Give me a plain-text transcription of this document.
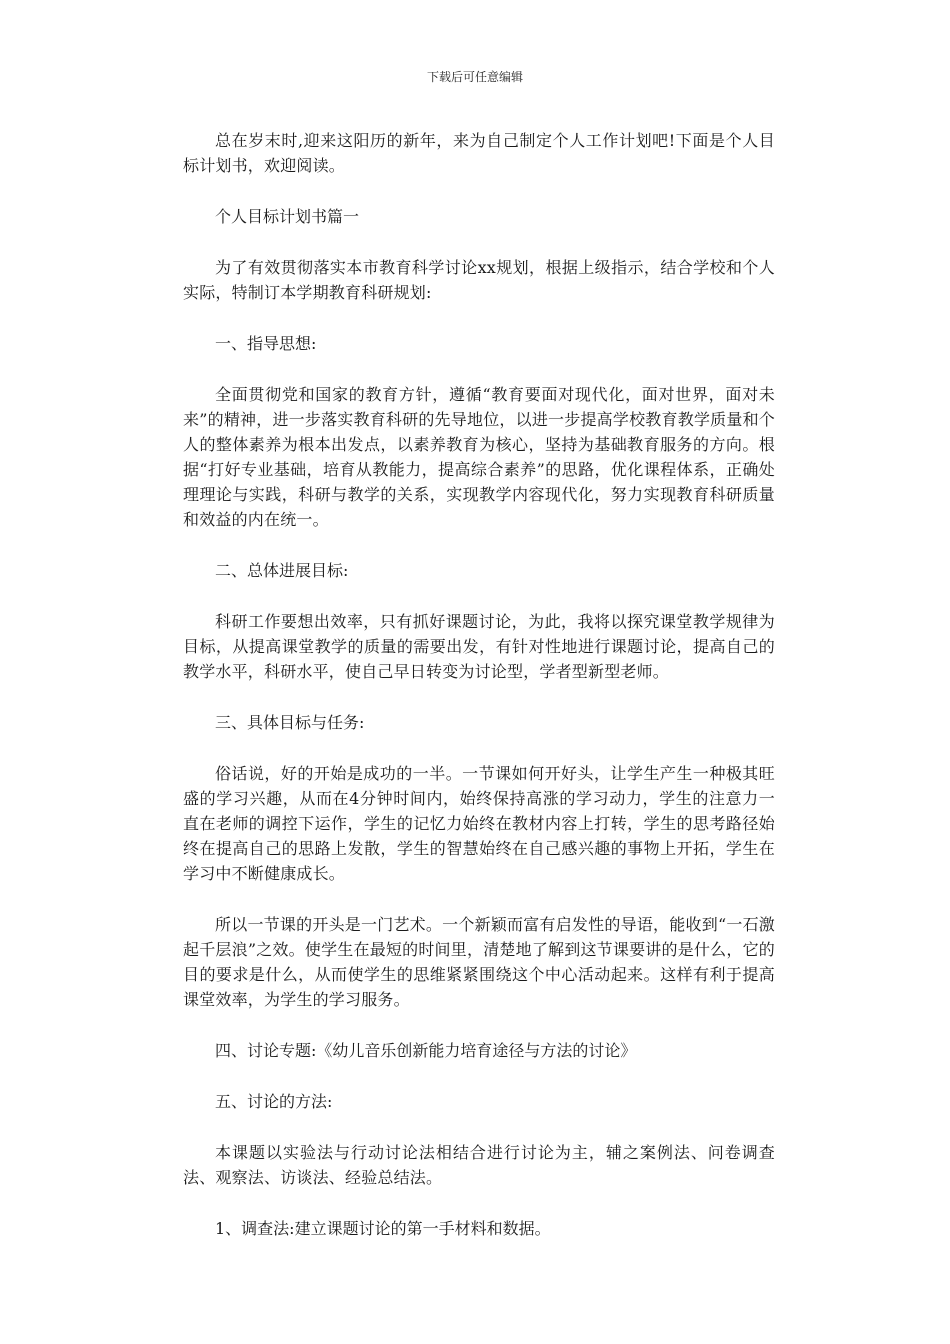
下载后可任意编辑

总在岁末时,迎来这阳历的新年，来为自己制定个人工作计划吧!下面是个人目标计划书，欢迎阅读。

个人目标计划书篇一

为了有效贯彻落实本市教育科学讨论xx规划，根据上级指示，结合学校和个人实际，特制订本学期教育科研规划:

一、指导思想:

全面贯彻党和国家的教育方针，遵循“教育要面对现代化，面对世界，面对未来”的精神，进一步落实教育科研的先导地位，以进一步提高学校教育教学质量和个人的整体素养为根本出发点，以素养教育为核心，坚持为基础教育服务的方向。根据“打好专业基础，培育从教能力，提高综合素养”的思路，优化课程体系，正确处理理论与实践，科研与教学的关系，实现教学内容现代化，努力实现教育科研质量和效益的内在统一。

二、总体进展目标:

科研工作要想出效率，只有抓好课题讨论，为此，我将以探究课堂教学规律为目标，从提高课堂教学的质量的需要出发，有针对性地进行课题讨论，提高自己的教学水平，科研水平，使自己早日转变为讨论型，学者型新型老师。

三、具体目标与任务:

俗话说，好的开始是成功的一半。一节课如何开好头，让学生产生一种极其旺盛的学习兴趣，从而在4分钟时间内，始终保持高涨的学习动力，学生的注意力一直在老师的调控下运作，学生的记忆力始终在教材内容上打转，学生的思考路径始终在提高自己的思路上发散，学生的智慧始终在自己感兴趣的事物上开拓，学生在学习中不断健康成长。

所以一节课的开头是一门艺术。一个新颖而富有启发性的导语，能收到“一石激起千层浪”之效。使学生在最短的时间里，清楚地了解到这节课要讲的是什么，它的目的要求是什么，从而使学生的思维紧紧围绕这个中心活动起来。这样有利于提高课堂效率，为学生的学习服务。

四、讨论专题:《幼儿音乐创新能力培育途径与方法的讨论》

五、讨论的方法:

本课题以实验法与行动讨论法相结合进行讨论为主，辅之案例法、问卷调查法、观察法、访谈法、经验总结法。

1、调查法:建立课题讨论的第一手材料和数据。
